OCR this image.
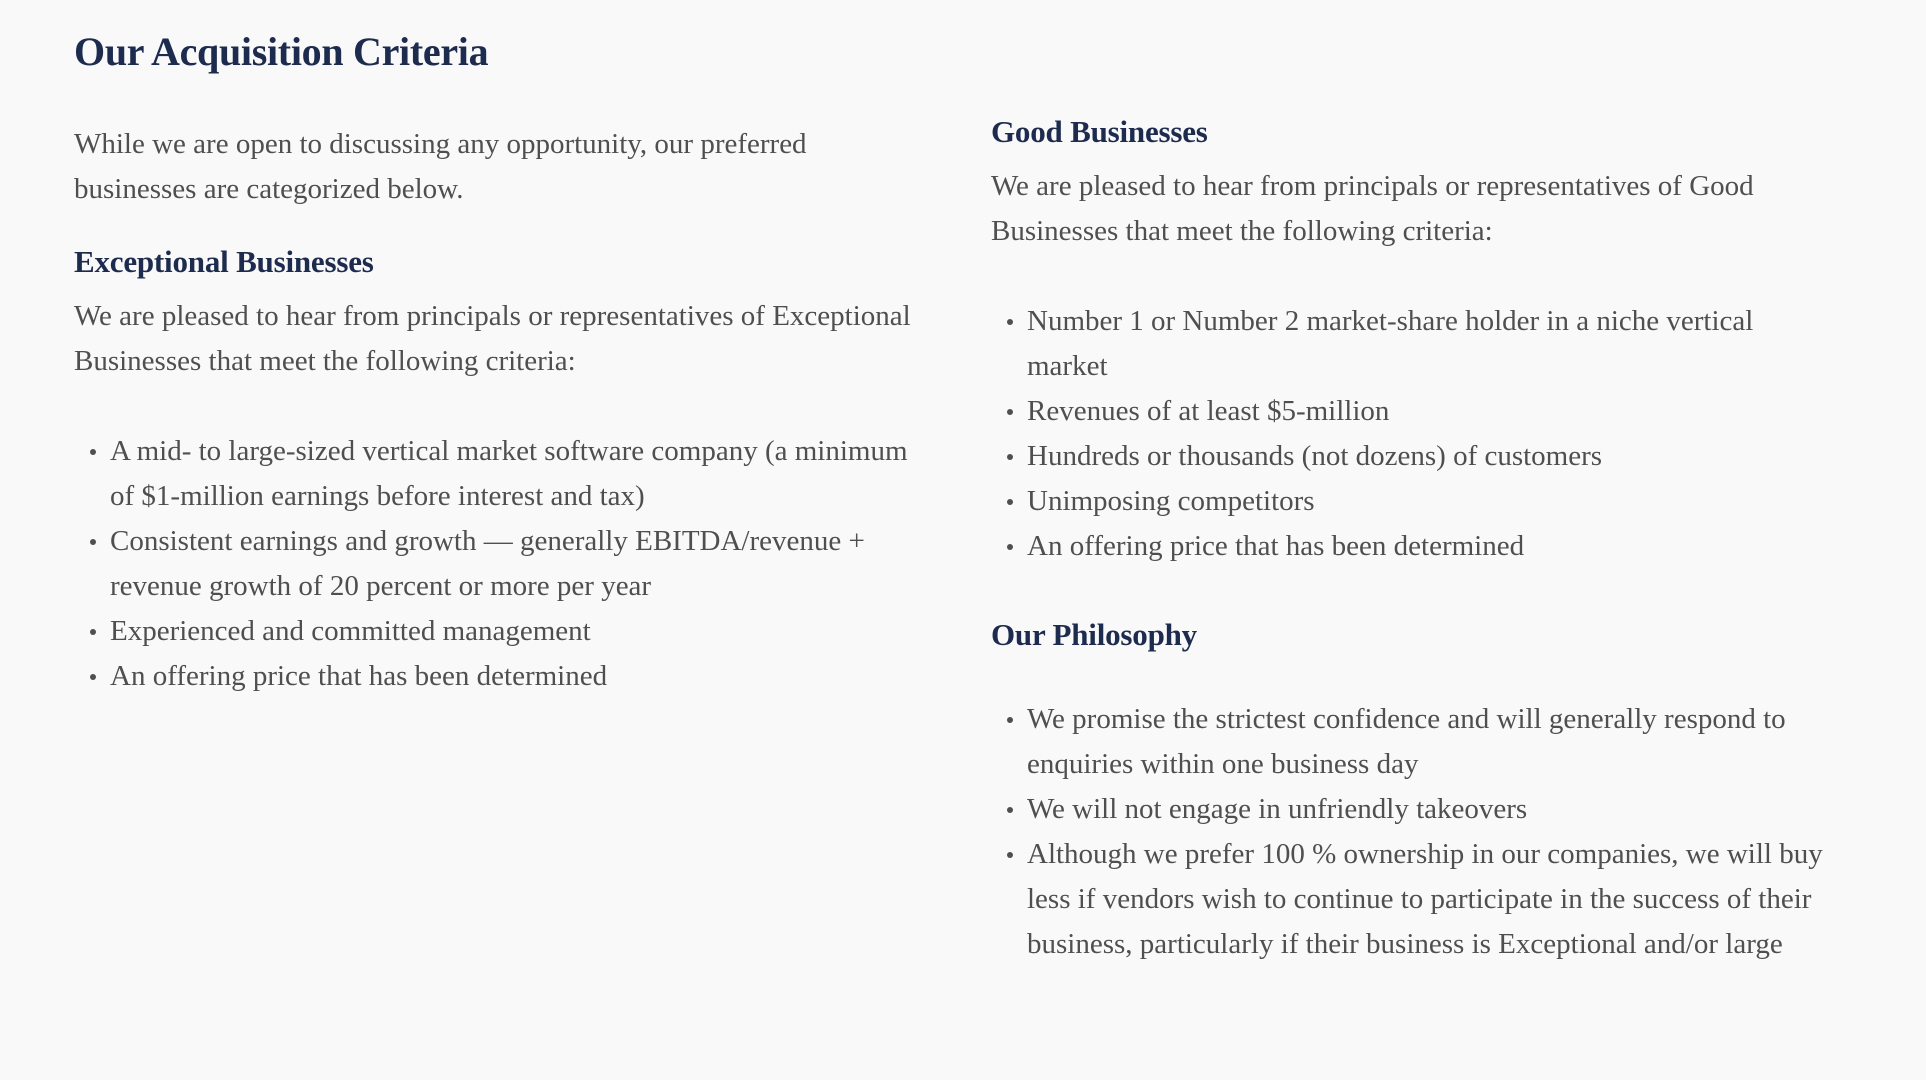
Our Acquisition Criteria

While we are open to discussing any opportunity, our preferred businesses are categorized below.

Exceptional Businesses

We are pleased to hear from principals or representatives of Exceptional Businesses that meet the following criteria:

A mid- to large-sized vertical market software company (a minimum of $1-million earnings before interest and tax)
Consistent earnings and growth — generally EBITDA/revenue + revenue growth of 20 percent or more per year
Experienced and committed management
An offering price that has been determined
Good Businesses

We are pleased to hear from principals or representatives of Good Businesses that meet the following criteria:

Number 1 or Number 2 market-share holder in a niche vertical market
Revenues of at least $5-million
Hundreds or thousands (not dozens) of customers
Unimposing competitors
An offering price that has been determined
Our Philosophy
We promise the strictest confidence and will generally respond to enquiries within one business day
We will not engage in unfriendly takeovers
Although we prefer 100 % ownership in our companies, we will buy less if vendors wish to continue to participate in the success of their business, particularly if their business is Exceptional and/or large
